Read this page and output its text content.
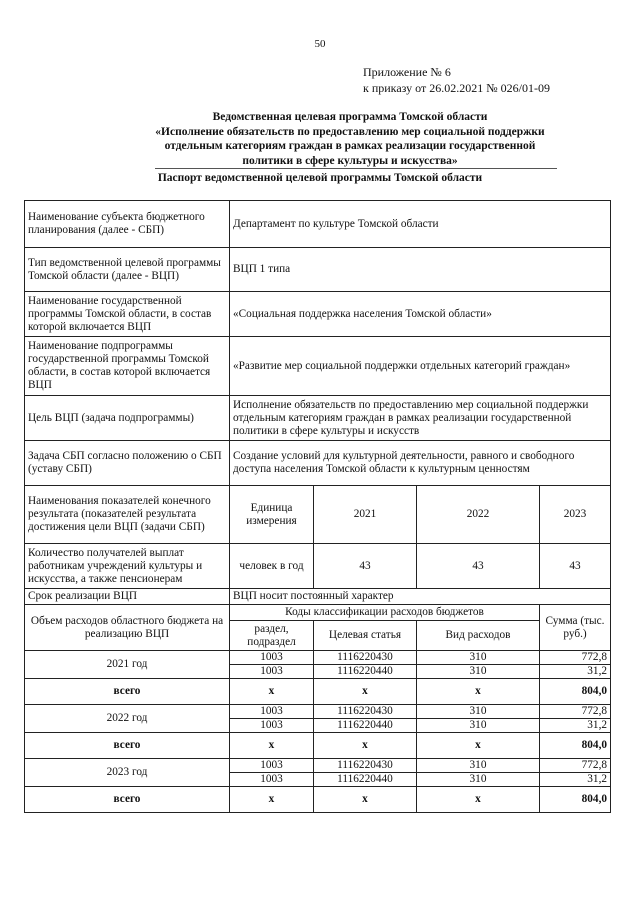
50
Приложение № 6
к приказу от 26.02.2021 № 026/01-09
Ведомственная целевая программа Томской области
«Исполнение обязательств по предоставлению мер социальной поддержки
отдельным категориям граждан в рамках реализации государственной
политики в сфере культуры и искусства»
Паспорт ведомственной целевой программы Томской области
Наименование субъекта бюджетного планирования (далее - СБП)	Департамент по культуре Томской области			
Тип ведомственной целевой программы Томской области (далее - ВЦП)	ВЦП 1 типа			
Наименование государственной программы Томской области, в состав которой включается ВЦП	«Социальная поддержка населения Томской области»			
Наименование подпрограммы государственной программы Томской области, в состав которой включается ВЦП	«Развитие мер социальной поддержки отдельных категорий граждан»			
Цель ВЦП (задача подпрограммы)	Исполнение обязательств по предоставлению мер социальной поддержки отдельным категориям граждан в рамках реализации государственной политики в сфере культуры и искусств			
Задача СБП согласно положению о СБП (уставу СБП)	Создание условий для культурной деятельности, равного и свободного доступа населения Томской области к культурным ценностям			
Наименования показателей конечного результата (показателей результата достижения цели ВЦП (задачи СБП)	Единица измерения	2021	2022	2023
Количество получателей выплат работникам учреждений культуры и искусства, а также пенсионерам	человек в год	43	43	43
Срок реализации ВЦП	ВЦП носит постоянный характер			
Объем расходов областного бюджета на реализацию ВЦП	Коды классификации расходов бюджетов			Сумма (тыс. руб.)
	раздел, подраздел	Целевая статья	Вид расходов	
2021 год	1003	1116220430	310	772,8
	1003	1116220440	310	31,2
всего	х	х	х	804,0
2022 год	1003	1116220430	310	772,8
	1003	1116220440	310	31,2
всего	х	х	х	804,0
2023 год	1003	1116220430	310	772,8
	1003	1116220440	310	31,2
всего	х	х	х	804,0
